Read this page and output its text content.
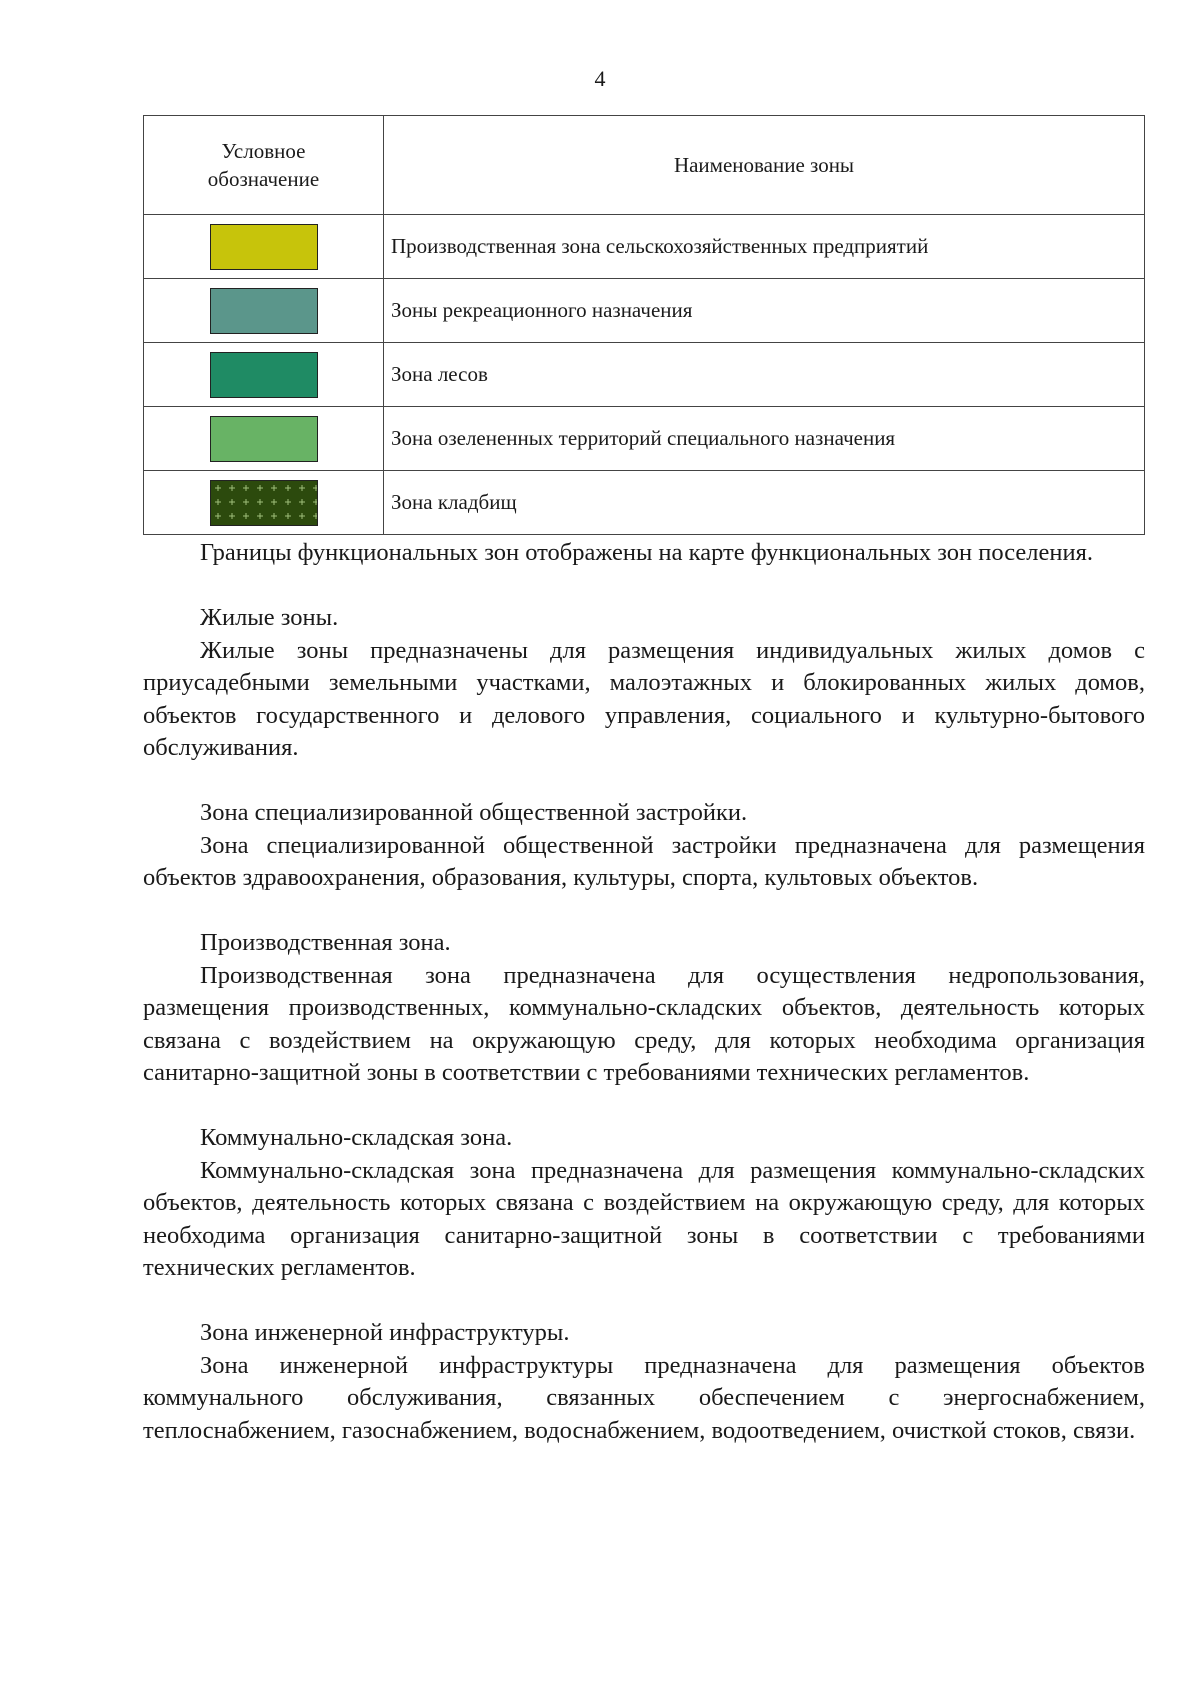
4
Условное обозначение	Наименование зоны
	Производственная зона сельскохозяйственных предприятий
	Зоны рекреационного назначения
	Зона лесов
	Зона озелененных территорий специального назначения
	Зона кладбищ

Границы функциональных зон отображены на карте функциональных зон поселения.

Жилые зоны.

Жилые зоны предназначены для размещения индивидуальных жилых домов с приусадебными земельными участками, малоэтажных и блокированных жилых домов, объектов государственного и делового управления, социального и культурно-бытового обслуживания.

Зона специализированной общественной застройки.

Зона специализированной общественной застройки предназначена для размещения объектов здравоохранения, образования, культуры, спорта, культовых объектов.

Производственная зона.

Производственная зона предназначена для осуществления недропользования, размещения производственных, коммунально-складских объектов, деятельность которых связана с воздействием на окружающую среду, для которых необходима организация санитарно-защитной зоны в соответствии с требованиями технических регламентов.

Коммунально-складская зона.

Коммунально-складская зона предназначена для размещения коммунально-складских объектов, деятельность которых связана с воздействием на окружающую среду, для которых необходима организация санитарно-защитной зоны в соответствии с требованиями технических регламентов.

Зона инженерной инфраструктуры.

Зона инженерной инфраструктуры предназначена для размещения объектов коммунального обслуживания, связанных обеспечением с энергоснабжением, теплоснабжением, газоснабжением, водоснабжением, водоотведением, очисткой стоков, связи.
